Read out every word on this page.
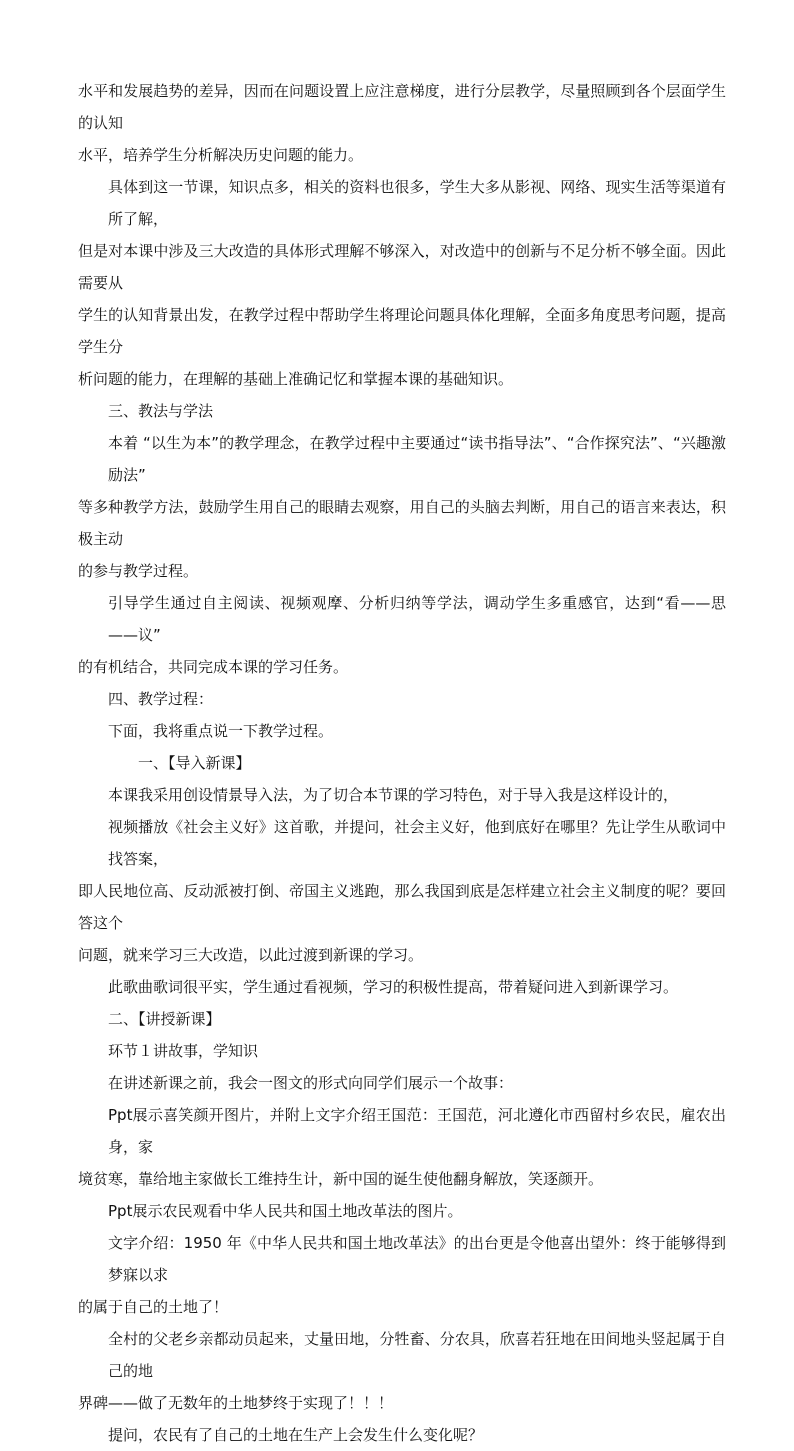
水平和发展趋势的差异，因而在问题设置上应注意梯度，进行分层教学，尽量照顾到各个层面学生的认知
水平，培养学生分析解决历史问题的能力。

具体到这一节课，知识点多，相关的资料也很多，学生大多从影视、网络、现实生活等渠道有所了解，
但是对本课中涉及三大改造的具体形式理解不够深入，对改造中的创新与不足分析不够全面。因此需要从
学生的认知背景出发，在教学过程中帮助学生将理论问题具体化理解，全面多角度思考问题，提高学生分
析问题的能力，在理解的基础上准确记忆和掌握本课的基础知识。

三、教法与学法

本着 “以生为本”的教学理念，在教学过程中主要通过“读书指导法”、“合作探究法”、“兴趣激励法”
等多种教学方法，鼓励学生用自己的眼睛去观察，用自己的头脑去判断，用自己的语言来表达，积极主动
的参与教学过程。

引导学生通过自主阅读、视频观摩、分析归纳等学法，调动学生多重感官，达到“看——思——议”
的有机结合，共同完成本课的学习任务。

四、教学过程：

下面，我将重点说一下教学过程。

一、【导入新课】

本课我采用创设情景导入法，为了切合本节课的学习特色，对于导入我是这样设计的，

视频播放《社会主义好》这首歌，并提问，社会主义好，他到底好在哪里？先让学生从歌词中找答案，
即人民地位高、反动派被打倒、帝国主义逃跑，那么我国到底是怎样建立社会主义制度的呢？要回答这个
问题，就来学习三大改造，以此过渡到新课的学习。

此歌曲歌词很平实，学生通过看视频，学习的积极性提高，带着疑问进入到新课学习。

二、【讲授新课】

环节１讲故事，学知识

在讲述新课之前，我会一图文的形式向同学们展示一个故事：

Ppt展示喜笑颜开图片，并附上文字介绍王国范：王国范，河北遵化市西留村乡农民，雇农出身，家
境贫寒，靠给地主家做长工维持生计，新中国的诞生使他翻身解放，笑逐颜开。

Ppt展示农民观看中华人民共和国土地改革法的图片。

文字介绍：1950 年《中华人民共和国土地改革法》的出台更是令他喜出望外：终于能够得到梦寐以求
的属于自己的土地了！

全村的父老乡亲都动员起来，丈量田地，分牲畜、分农具，欣喜若狂地在田间地头竖起属于自己的地
界碑——做了无数年的土地梦终于实现了！！！

提问，农民有了自己的土地在生产上会发生什么变化呢？
